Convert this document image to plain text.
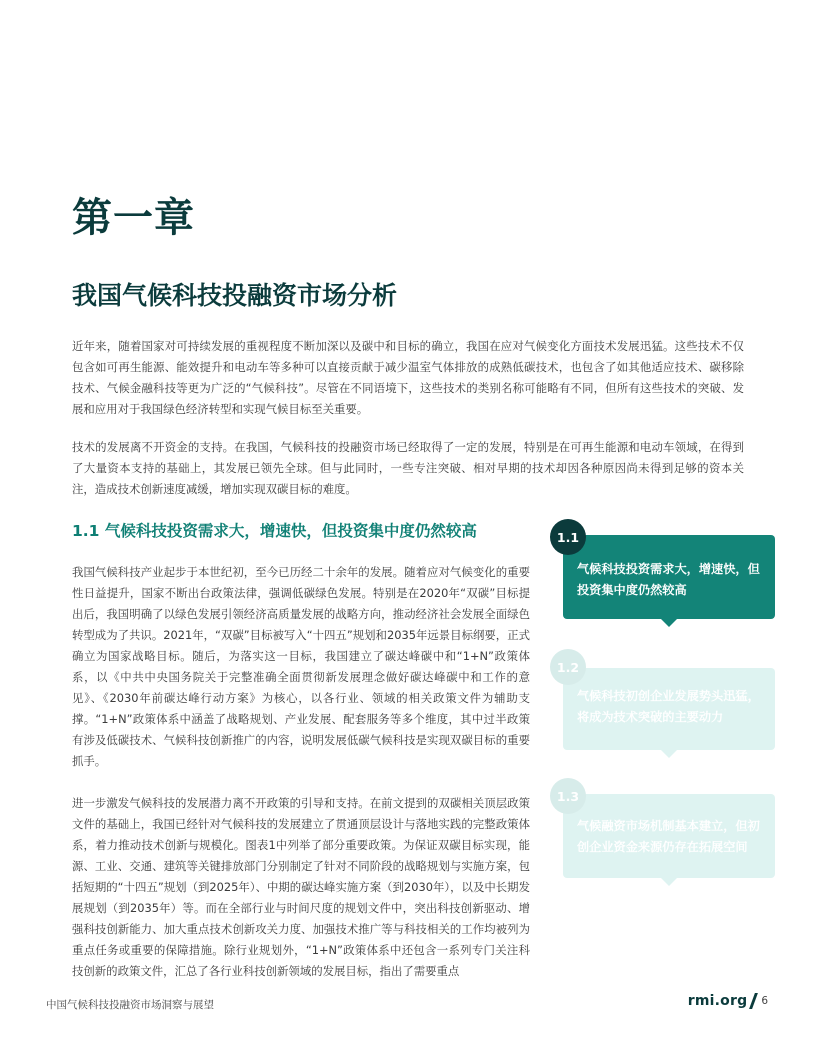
第一章
我国气候科技投融资市场分析

近年来，随着国家对可持续发展的重视程度不断加深以及碳中和目标的确立，我国在应对气候变化方面技术发展迅猛。这些技术不仅包含如可再生能源、能效提升和电动车等多种可以直接贡献于减少温室气体排放的成熟低碳技术，也包含了如其他适应技术、碳移除技术、气候金融科技等更为广泛的“气候科技”。尽管在不同语境下，这些技术的类别名称可能略有不同，但所有这些技术的突破、发展和应用对于我国绿色经济转型和实现气候目标至关重要。

技术的发展离不开资金的支持。在我国，气候科技的投融资市场已经取得了一定的发展，特别是在可再生能源和电动车领域，在得到了大量资本支持的基础上，其发展已领先全球。但与此同时，一些专注突破、相对早期的技术却因各种原因尚未得到足够的资本关注，造成技术创新速度减缓，增加实现双碳目标的难度。

1.1 气候科技投资需求大，增速快，但投资集中度仍然较高

我国气候科技产业起步于本世纪初，至今已历经二十余年的发展。随着应对气候变化的重要性日益提升，国家不断出台政策法律，强调低碳绿色发展。特别是在2020年“双碳”目标提出后，我国明确了以绿色发展引领经济高质量发展的战略方向，推动经济社会发展全面绿色转型成为了共识。2021年，“双碳”目标被写入“十四五”规划和2035年远景目标纲要，正式确立为国家战略目标。随后，为落实这一目标，我国建立了碳达峰碳中和“1+N”政策体系，以《中共中央国务院关于完整准确全面贯彻新发展理念做好碳达峰碳中和工作的意见》、《2030年前碳达峰行动方案》为核心，以各行业、领域的相关政策文件为辅助支撑。“1+N”政策体系中涵盖了战略规划、产业发展、配套服务等多个维度，其中过半政策有涉及低碳技术、气候科技创新推广的内容，说明发展低碳气候科技是实现双碳目标的重要抓手。

进一步激发气候科技的发展潜力离不开政策的引导和支持。在前文提到的双碳相关顶层政策文件的基础上，我国已经针对气候科技的发展建立了贯通顶层设计与落地实践的完整政策体系，着力推动技术创新与规模化。图表1中列举了部分重要政策。为保证双碳目标实现，能源、工业、交通、建筑等关键排放部门分别制定了针对不同阶段的战略规划与实施方案，包括短期的“十四五”规划（到2025年）、中期的碳达峰实施方案（到2030年），以及中长期发展规划（到2035年）等。而在全部行业与时间尺度的规划文件中，突出科技创新驱动、增强科技创新能力、加大重点技术创新攻关力度、加强技术推广等与科技相关的工作均被列为重点任务或重要的保障措施。除行业规划外，“1+N”政策体系中还包含一系列专门关注科技创新的政策文件，汇总了各行业科技创新领域的发展目标，指出了需要重点

气候科技投资需求大，增速快，但投资集中度仍然较高
1.1
气候科技初创企业发展势头迅猛，将成为技术突破的主要动力
1.2
气候融资市场机制基本建立，但初创企业资金来源仍存在拓展空间
1.3
中国气候科技投融资市场洞察与展望	rmi.org 6
